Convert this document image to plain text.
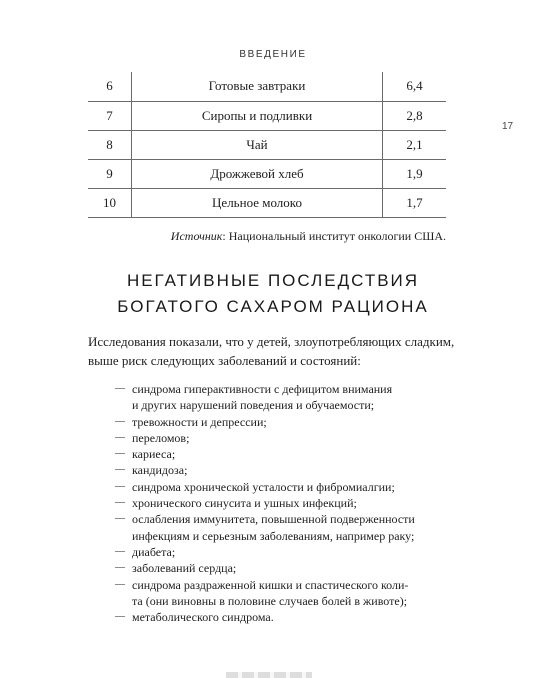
ВВЕДЕНИЕ
17
6	Готовые завтраки	6,4
7	Сиропы и подливки	2,8
8	Чай	2,1
9	Дрожжевой хлеб	1,9
10	Цельное молоко	1,7
Источник: Национальный институт онкологии США.
НЕГАТИВНЫЕ ПОСЛЕДСТВИЯ
БОГАТОГО САХАРОМ РАЦИОНА
Исследования показали, что у детей, злоупотребляющих сладким,
выше риск следующих заболеваний и состояний:
— синдрома гиперактивности с дефицитом внимания
и других нарушений поведения и обучаемости;
— тревожности и депрессии;
— переломов;
— кариеса;
— кандидоза;
— синдрома хронической усталости и фибромиалгии;
— хронического синусита и ушных инфекций;
— ослабления иммунитета, повышенной подверженности
инфекциям и серьезным заболеваниям, например раку;
— диабета;
— заболеваний сердца;
— синдрома раздраженной кишки и спастического коли-
та (они виновны в половине случаев болей в животе);
— метаболического синдрома.
